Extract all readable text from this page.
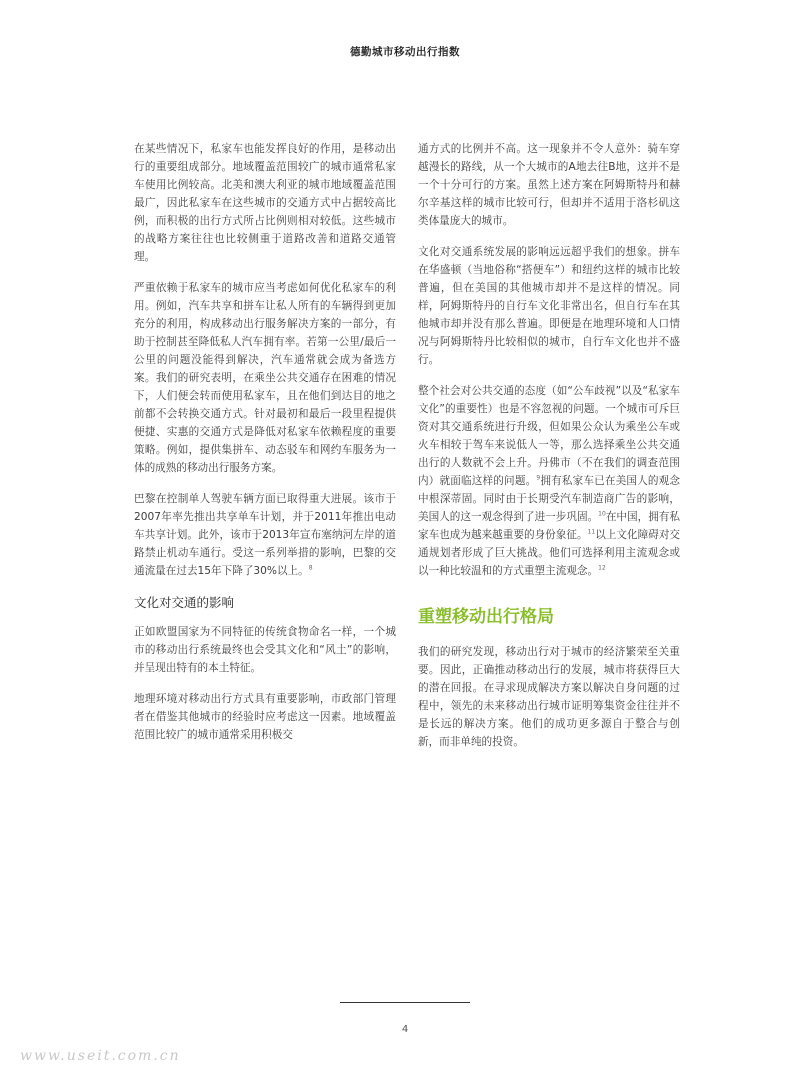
德勤城市移动出行指数

在某些情况下，私家车也能发挥良好的作用，是移动出行的重要组成部分。地域覆盖范围较广的城市通常私家车使用比例较高。北美和澳大利亚的城市地域覆盖范围最广，因此私家车在这些城市的交通方式中占据较高比例，而积极的出行方式所占比例则相对较低。这些城市的战略方案往往也比较侧重于道路改善和道路交通管理。

严重依赖于私家车的城市应当考虑如何优化私家车的利用。例如，汽车共享和拼车让私人所有的车辆得到更加充分的利用，构成移动出行服务解决方案的一部分，有助于控制甚至降低私人汽车拥有率。若第一公里/最后一公里的问题没能得到解决，汽车通常就会成为备选方案。我们的研究表明，在乘坐公共交通存在困难的情况下，人们便会转而使用私家车，且在他们到达目的地之前都不会转换交通方式。针对最初和最后一段里程提供便捷、实惠的交通方式是降低对私家车依赖程度的重要策略。例如，提供集拼车、动态驳车和网约车服务为一体的成熟的移动出行服务方案。

巴黎在控制单人驾驶车辆方面已取得重大进展。该市于2007年率先推出共享单车计划，并于2011年推出电动车共享计划。此外，该市于2013年宣布塞纳河左岸的道路禁止机动车通行。受这一系列举措的影响，巴黎的交通流量在过去15年下降了30%以上。$^8$

文化对交通的影响

正如欧盟国家为不同特征的传统食物命名一样，一个城市的移动出行系统最终也会受其文化和“风土”的影响，并呈现出特有的本土特征。

地理环境对移动出行方式具有重要影响，市政部门管理者在借鉴其他城市的经验时应考虑这一因素。地域覆盖范围比较广的城市通常采用积极交

通方式的比例并不高。这一现象并不令人意外：骑车穿越漫长的路线，从一个大城市的A地去往B地，这并不是一个十分可行的方案。虽然上述方案在阿姆斯特丹和赫尔辛基这样的城市比较可行，但却并不适用于洛杉矶这类体量庞大的城市。

文化对交通系统发展的影响远远超乎我们的想象。拼车在华盛顿（当地俗称“搭便车”）和纽约这样的城市比较普遍，但在美国的其他城市却并不是这样的情况。同样，阿姆斯特丹的自行车文化非常出名，但自行车在其他城市却并没有那么普遍。即便是在地理环境和人口情况与阿姆斯特丹比较相似的城市，自行车文化也并不盛行。

整个社会对公共交通的态度（如“公车歧视”以及“私家车文化”的重要性）也是不容忽视的问题。一个城市可斥巨资对其交通系统进行升级，但如果公众认为乘坐公车或火车相较于驾车来说低人一等，那么选择乘坐公共交通出行的人数就不会上升。丹佛市（不在我们的调查范围内）就面临这样的问题。$^9$拥有私家车已在美国人的观念中根深蒂固。同时由于长期受汽车制造商广告的影响，美国人的这一观念得到了进一步巩固。$^{10}$在中国，拥有私家车也成为越来越重要的身份象征。$^{11}$以上文化障碍对交通规划者形成了巨大挑战。他们可选择利用主流观念或以一种比较温和的方式重塑主流观念。$^{12}$

重塑移动出行格局

我们的研究发现，移动出行对于城市的经济繁荣至关重要。因此，正确推动移动出行的发展，城市将获得巨大的潜在回报。在寻求现成解决方案以解决自身问题的过程中，领先的未来移动出行城市证明筹集资金往往并不是长远的解决方案。他们的成功更多源自于整合与创新，而非单纯的投资。

4
www.useit.com.cn
